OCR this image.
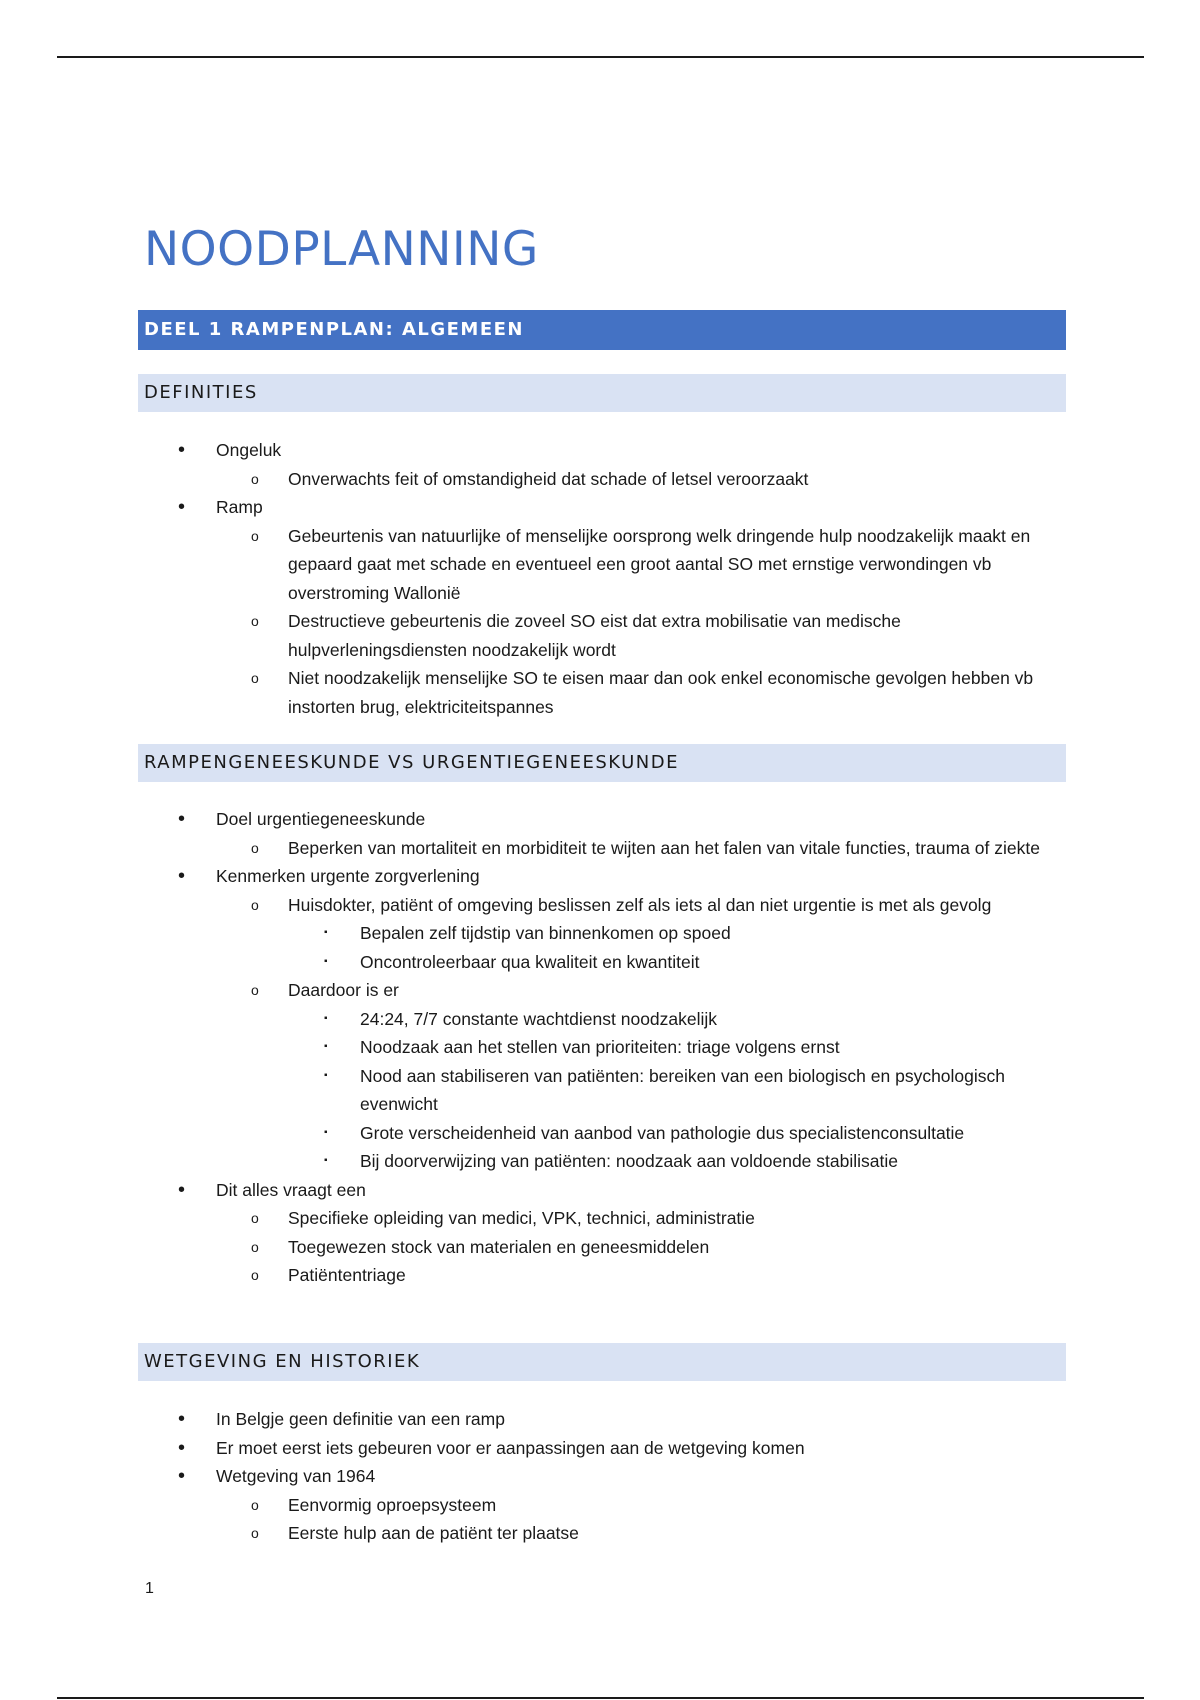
NOODPLANNING
DEEL 1 RAMPENPLAN: ALGEMEEN
DEFINITIES
• Ongeluk
o Onverwachts feit of omstandigheid dat schade of letsel veroorzaakt
• Ramp
o Gebeurtenis van natuurlijke of menselijke oorsprong welk dringende hulp noodzakelijk maakt en gepaard gaat met schade en eventueel een groot aantal SO met ernstige verwondingen vb overstroming Wallonië
o Destructieve gebeurtenis die zoveel SO eist dat extra mobilisatie van medische hulpverleningsdiensten noodzakelijk wordt
o Niet noodzakelijk menselijke SO te eisen maar dan ook enkel economische gevolgen hebben vb instorten brug, elektriciteitspannes
RAMPENGENEESKUNDE VS URGENTIEGENEESKUNDE
• Doel urgentiegeneeskunde
o Beperken van mortaliteit en morbiditeit te wijten aan het falen van vitale functies, trauma of ziekte
• Kenmerken urgente zorgverlening
o Huisdokter, patiënt of omgeving beslissen zelf als iets al dan niet urgentie is met als gevolg
▪ Bepalen zelf tijdstip van binnenkomen op spoed
▪ Oncontroleerbaar qua kwaliteit en kwantiteit
o Daardoor is er
▪ 24:24, 7/7 constante wachtdienst noodzakelijk
▪ Noodzaak aan het stellen van prioriteiten: triage volgens ernst
▪ Nood aan stabiliseren van patiënten: bereiken van een biologisch en psychologisch evenwicht
▪ Grote verscheidenheid van aanbod van pathologie dus specialistenconsultatie
▪ Bij doorverwijzing van patiënten: noodzaak aan voldoende stabilisatie
• Dit alles vraagt een
o Specifieke opleiding van medici, VPK, technici, administratie
o Toegewezen stock van materialen en geneesmiddelen
o Patiëntentriage
WETGEVING EN HISTORIEK
• In Belgje geen definitie van een ramp
• Er moet eerst iets gebeuren voor er aanpassingen aan de wetgeving komen
• Wetgeving van 1964
o Eenvormig oproepsysteem
o Eerste hulp aan de patiënt ter plaatse
1
